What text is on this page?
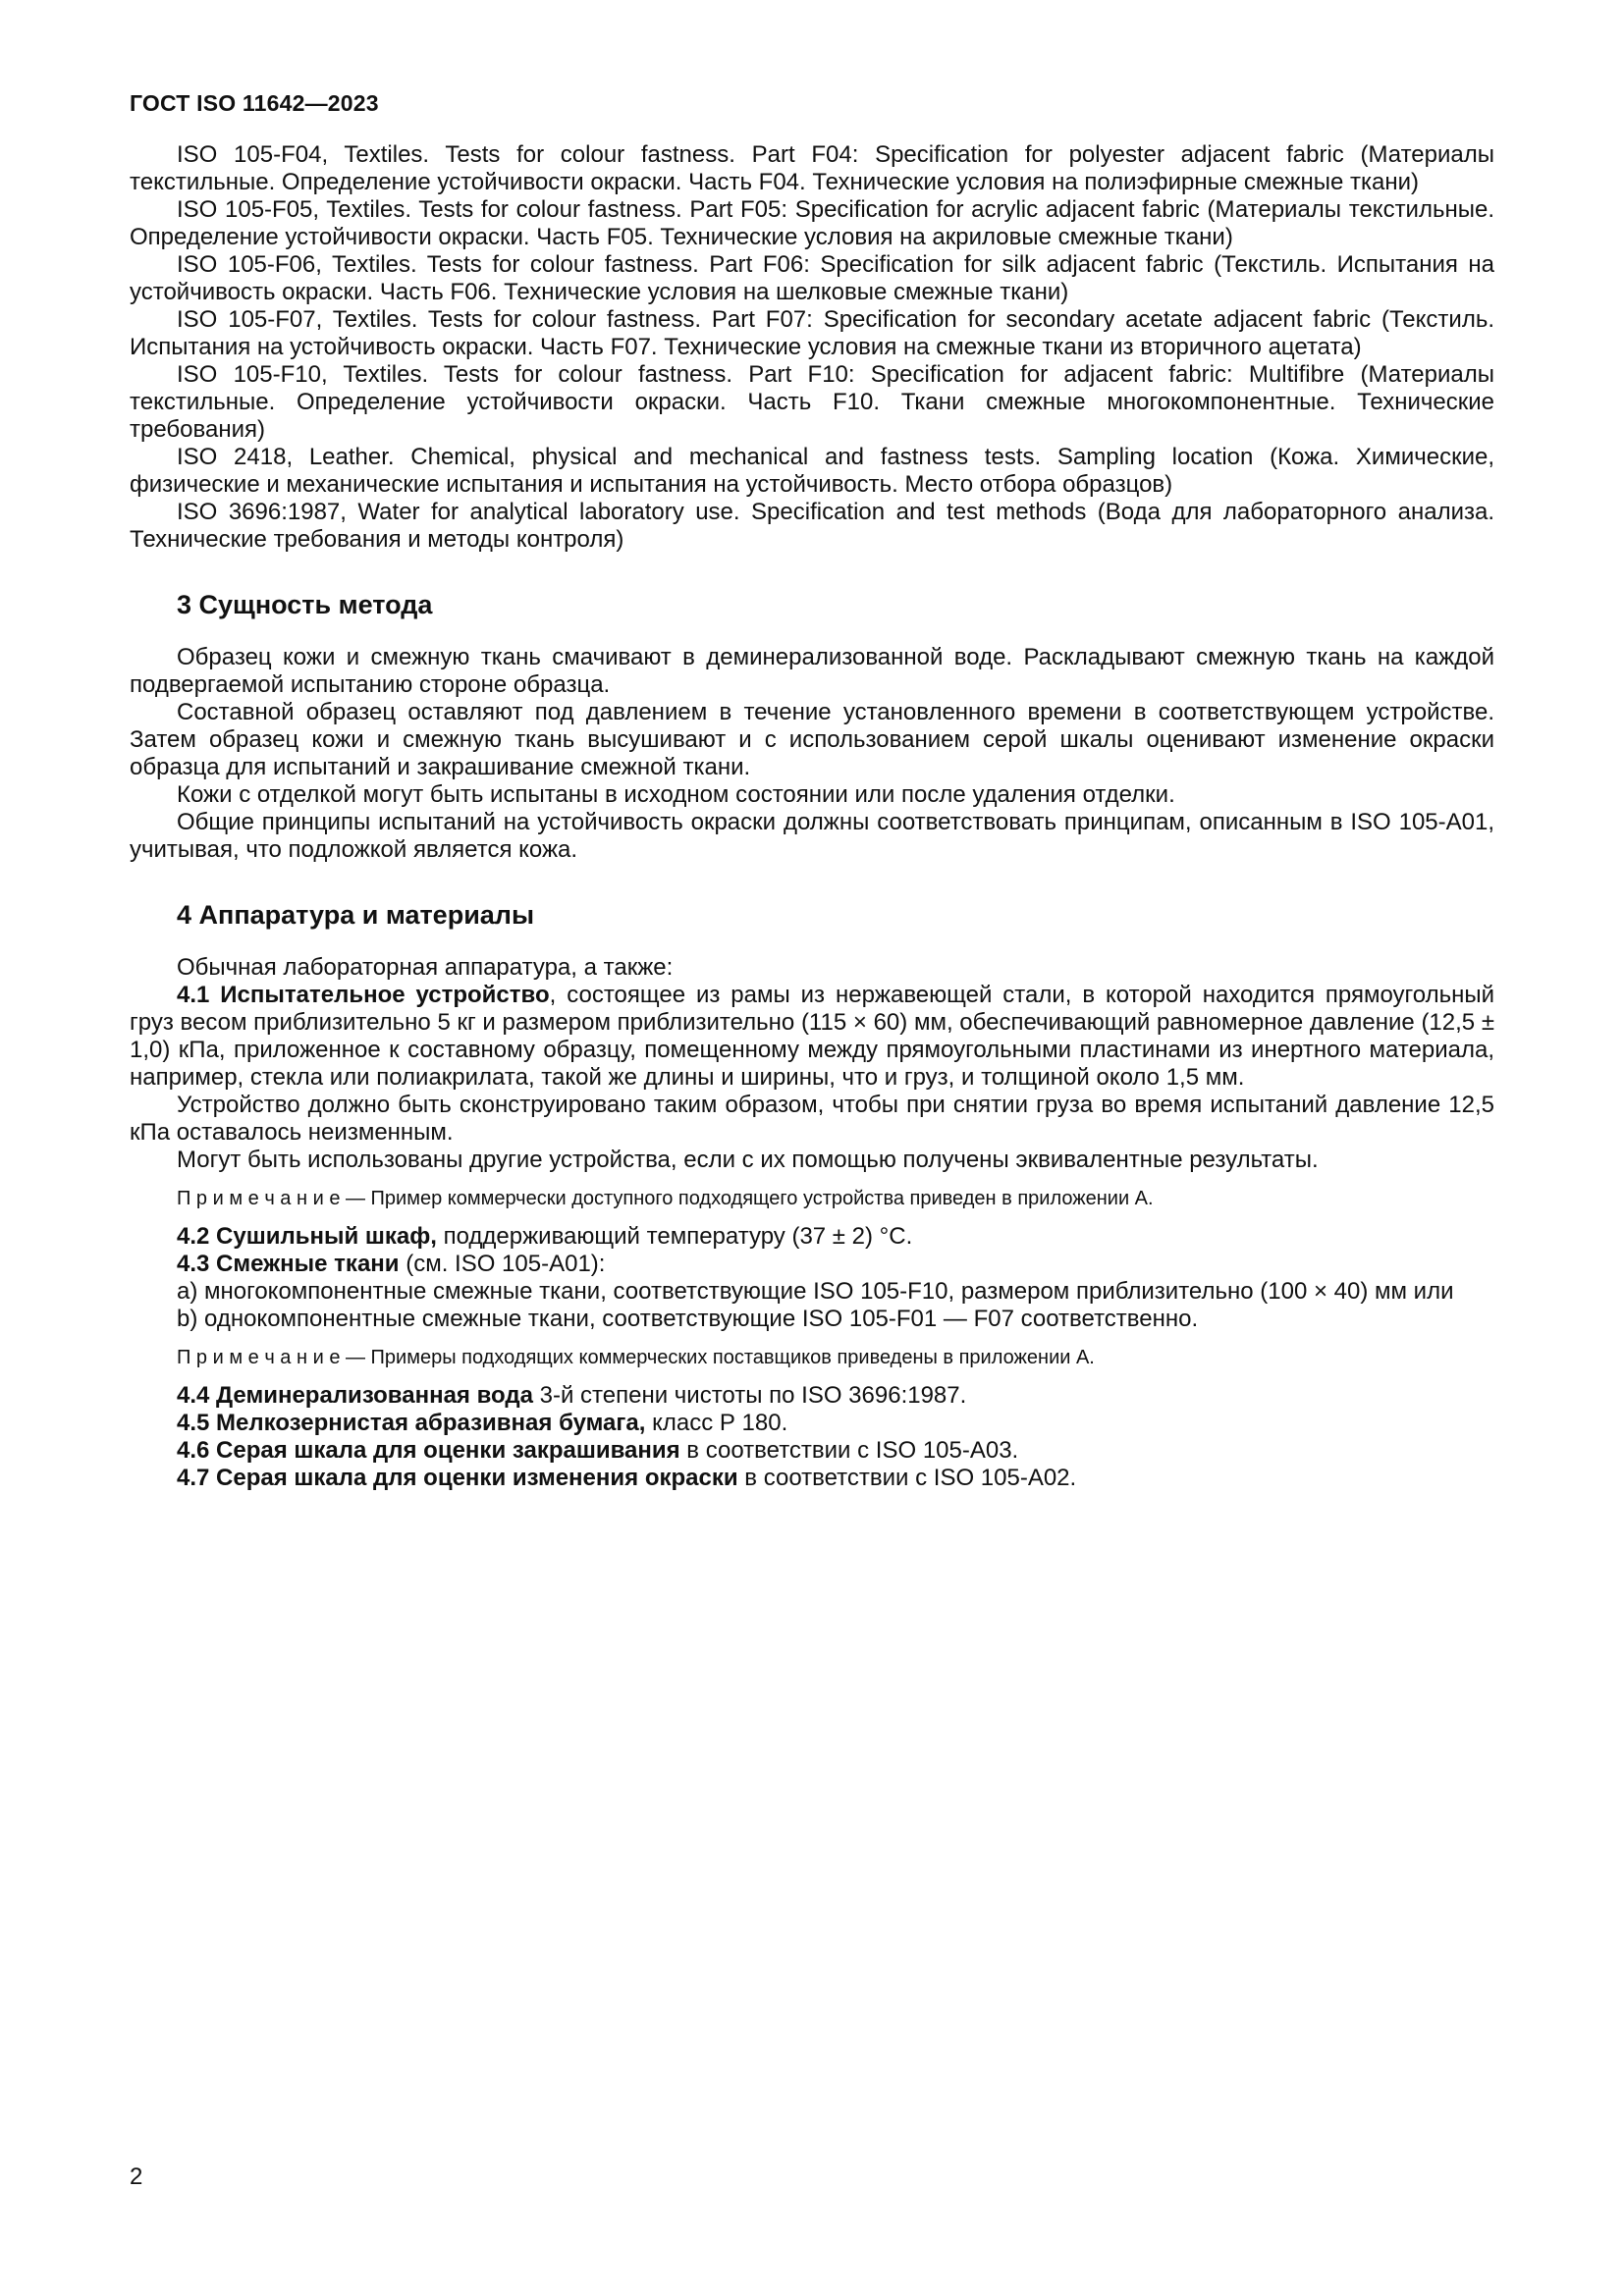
ГОСТ ISO 11642—2023

ISO 105-F04, Textiles. Tests for colour fastness. Part F04: Specification for polyester adjacent fabric (Материалы текстильные. Определение устойчивости окраски. Часть F04. Технические условия на полиэфирные смежные ткани)

ISO 105-F05, Textiles. Tests for colour fastness. Part F05: Specification for acrylic adjacent fabric (Материалы текстильные. Определение устойчивости окраски. Часть F05. Технические условия на акриловые смежные ткани)

ISO 105-F06, Textiles. Tests for colour fastness. Part F06: Specification for silk adjacent fabric (Текстиль. Испытания на устойчивость окраски. Часть F06. Технические условия на шелковые смежные ткани)

ISO 105-F07, Textiles. Tests for colour fastness. Part F07: Specification for secondary acetate adjacent fabric (Текстиль. Испытания на устойчивость окраски. Часть F07. Технические условия на смежные ткани из вторичного ацетата)

ISO 105-F10, Textiles. Tests for colour fastness. Part F10: Specification for adjacent fabric: Multifibre (Материалы текстильные. Определение устойчивости окраски. Часть F10. Ткани смежные многокомпонентные. Технические требования)

ISO 2418, Leather. Chemical, physical and mechanical and fastness tests. Sampling location (Кожа. Химические, физические и механические испытания и испытания на устойчивость. Место отбора образцов)

ISO 3696:1987, Water for analytical laboratory use. Specification and test methods (Вода для лабораторного анализа. Технические требования и методы контроля)

3 Сущность метода

Образец кожи и смежную ткань смачивают в деминерализованной воде. Раскладывают смежную ткань на каждой подвергаемой испытанию стороне образца.

Составной образец оставляют под давлением в течение установленного времени в соответствующем устройстве. Затем образец кожи и смежную ткань высушивают и с использованием серой шкалы оценивают изменение окраски образца для испытаний и закрашивание смежной ткани.

Кожи с отделкой могут быть испытаны в исходном состоянии или после удаления отделки.

Общие принципы испытаний на устойчивость окраски должны соответствовать принципам, описанным в ISO 105-A01, учитывая, что подложкой является кожа.

4 Аппаратура и материалы

Обычная лабораторная аппаратура, а также:

4.1 Испытательное устройство, состоящее из рамы из нержавеющей стали, в которой находится прямоугольный груз весом приблизительно 5 кг и размером приблизительно (115 × 60) мм, обеспечивающий равномерное давление (12,5 ± 1,0) кПа, приложенное к составному образцу, помещенному между прямоугольными пластинами из инертного материала, например, стекла или полиакрилата, такой же длины и ширины, что и груз, и толщиной около 1,5 мм.

Устройство должно быть сконструировано таким образом, чтобы при снятии груза во время испытаний давление 12,5 кПа оставалось неизменным.

Могут быть использованы другие устройства, если с их помощью получены эквивалентные результаты.

П р и м е ч а н и е — Пример коммерчески доступного подходящего устройства приведен в приложении А.

4.2 Сушильный шкаф, поддерживающий температуру (37 ± 2) °С.

4.3 Смежные ткани (см. ISO 105-A01):

a) многокомпонентные смежные ткани, соответствующие ISO 105-F10, размером приблизительно (100 × 40) мм или

b) однокомпонентные смежные ткани, соответствующие ISO 105-F01 — F07 соответственно.

П р и м е ч а н и е — Примеры подходящих коммерческих поставщиков приведены в приложении А.

4.4 Деминерализованная вода 3-й степени чистоты по ISO 3696:1987.

4.5 Мелкозернистая абразивная бумага, класс Р 180.

4.6 Серая шкала для оценки закрашивания в соответствии с ISO 105-A03.

4.7 Серая шкала для оценки изменения окраски в соответствии с ISO 105-A02.

2
